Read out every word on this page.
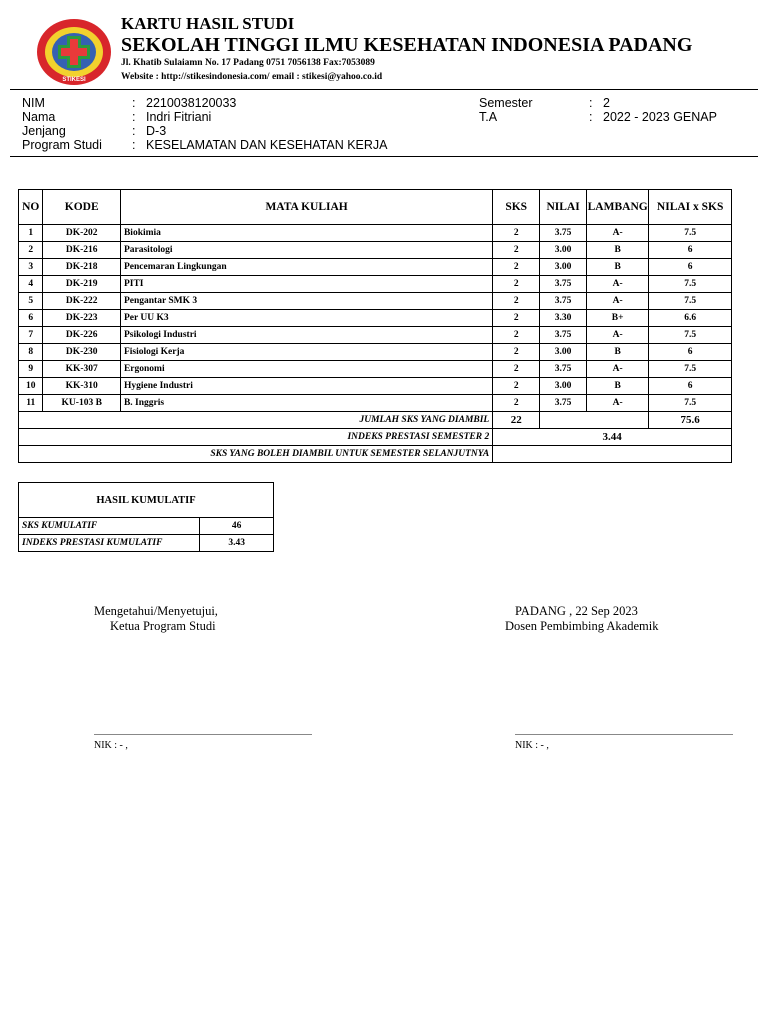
STIKESI
KARTU HASIL STUDI
SEKOLAH TINGGI ILMU KESEHATAN INDONESIA PADANG
Jl. Khatib Sulaiamn No. 17 Padang 0751 7056138 Fax:7053089
Website : http://stikesindonesia.com/ email : stikesi@yahoo.co.id
NIM	: 2210038120033
Nama	: Indri Fitriani
Jenjang	: D-3
Program Studi : KESELAMATAN DAN KESEHATAN KERJA
Semester	: 2
T.A	: 2022 - 2023 GENAP
NO	KODE	MATA KULIAH	SKS	NILAI	LAMBANG	NILAI x SKS
1	DK-202	Biokimia	2	3.75	A-	7.5
2	DK-216	Parasitologi	2	3.00	B	6
3	DK-218	Pencemaran Lingkungan	2	3.00	B	6
4	DK-219	PITI	2	3.75	A-	7.5
5	DK-222	Pengantar SMK 3	2	3.75	A-	7.5
6	DK-223	Per UU K3	2	3.30	B+	6.6
7	DK-226	Psikologi Industri	2	3.75	A-	7.5
8	DK-230	Fisiologi Kerja	2	3.00	B	6
9	KK-307	Ergonomi	2	3.75	A-	7.5
10	KK-310	Hygiene Industri	2	3.00	B	6
11	KU-103 B	B. Inggris	2	3.75	A-	7.5
JUMLAH SKS YANG DIAMBIL			22			75.6
INDEKS PRESTASI SEMESTER 2			3.44			
SKS YANG BOLEH DIAMBIL UNTUK SEMESTER SELANJUTNYA						
HASIL KUMULATIF	
SKS KUMULATIF	46
INDEKS PRESTASI KUMULATIF	3.43
Mengetahui/Menyetujui,
Ketua Program Studi
PADANG , 22 Sep 2023
Dosen Pembimbing Akademik
NIK : - ,	NIK : - ,
